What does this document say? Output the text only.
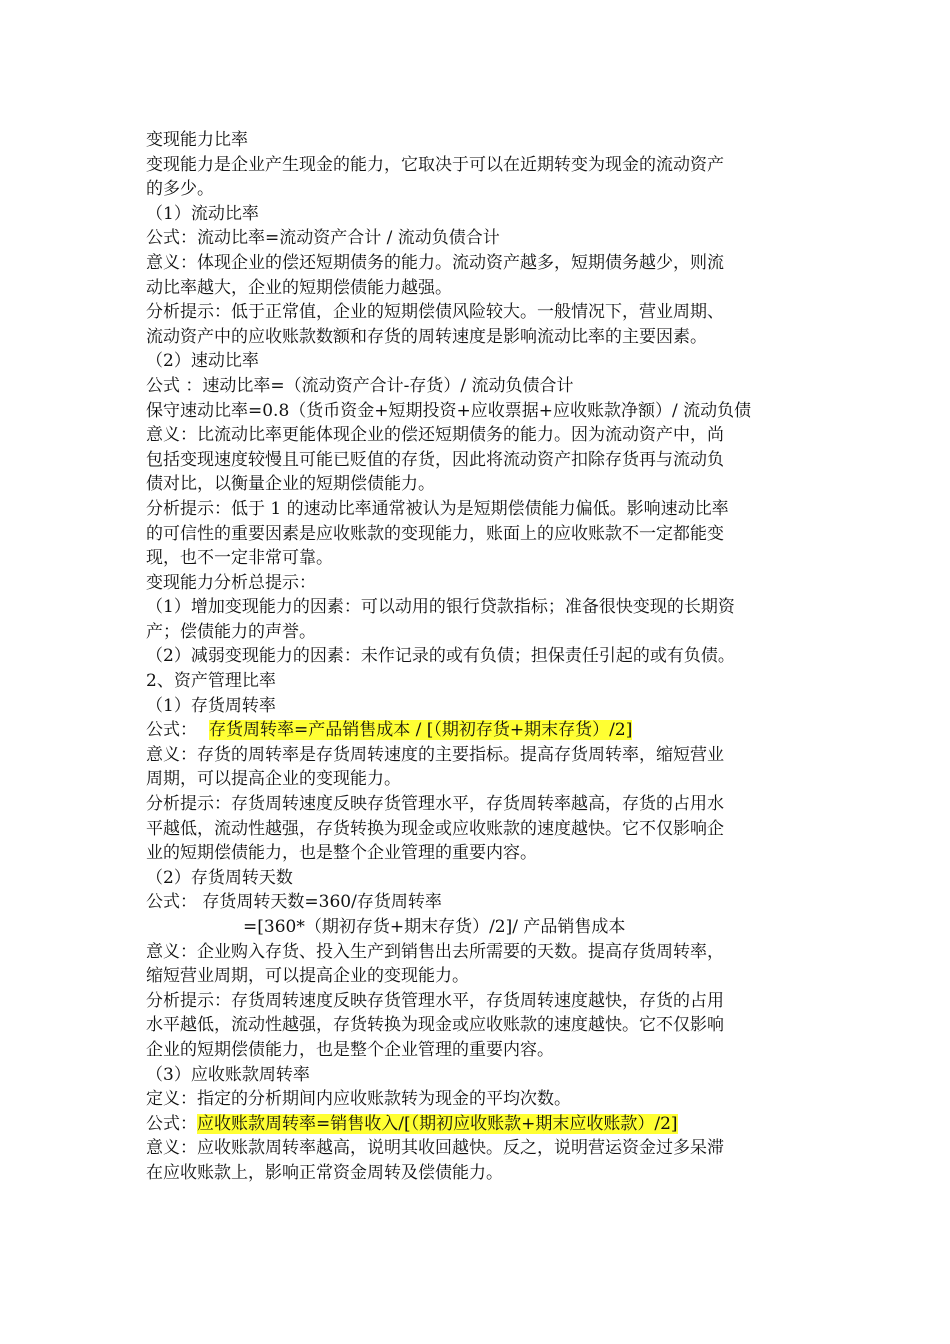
变现能力比率
变现能力是企业产生现金的能力，它取决于可以在近期转变为现金的流动资产
的多少。
（1）流动比率
公式：流动比率=流动资产合计 / 流动负债合计
意义：体现企业的偿还短期债务的能力。流动资产越多，短期债务越少，则流
动比率越大，企业的短期偿债能力越强。
分析提示：低于正常值，企业的短期偿债风险较大。一般情况下，营业周期、
流动资产中的应收账款数额和存货的周转速度是影响流动比率的主要因素。
（2）速动比率
公式 ：速动比率=（流动资产合计-存货）/ 流动负债合计
保守速动比率=0.8（货币资金+短期投资+应收票据+应收账款净额）/ 流动负债
意义：比流动比率更能体现企业的偿还短期债务的能力。因为流动资产中，尚
包括变现速度较慢且可能已贬值的存货，因此将流动资产扣除存货再与流动负
债对比，以衡量企业的短期偿债能力。
分析提示：低于 1 的速动比率通常被认为是短期偿债能力偏低。影响速动比率
的可信性的重要因素是应收账款的变现能力，账面上的应收账款不一定都能变
现，也不一定非常可靠。
变现能力分析总提示：
（1）增加变现能力的因素：可以动用的银行贷款指标；准备很快变现的长期资
产；偿债能力的声誉。
（2）减弱变现能力的因素：未作记录的或有负债；担保责任引起的或有负债。
2、资产管理比率
（1）存货周转率
公式： 存货周转率=产品销售成本 / [（期初存货+期末存货）/2]
意义：存货的周转率是存货周转速度的主要指标。提高存货周转率，缩短营业
周期，可以提高企业的变现能力。
分析提示：存货周转速度反映存货管理水平，存货周转率越高，存货的占用水
平越低，流动性越强，存货转换为现金或应收账款的速度越快。它不仅影响企
业的短期偿债能力，也是整个企业管理的重要内容。
（2）存货周转天数
公式： 存货周转天数=360/存货周转率
=[360*（期初存货+期末存货）/2]/ 产品销售成本
意义：企业购入存货、投入生产到销售出去所需要的天数。提高存货周转率，
缩短营业周期，可以提高企业的变现能力。
分析提示：存货周转速度反映存货管理水平，存货周转速度越快，存货的占用
水平越低，流动性越强，存货转换为现金或应收账款的速度越快。它不仅影响
企业的短期偿债能力，也是整个企业管理的重要内容。
（3）应收账款周转率
定义：指定的分析期间内应收账款转为现金的平均次数。
公式：应收账款周转率=销售收入/[（期初应收账款+期末应收账款）/2]
意义：应收账款周转率越高，说明其收回越快。反之，说明营运资金过多呆滞
在应收账款上，影响正常资金周转及偿债能力。
